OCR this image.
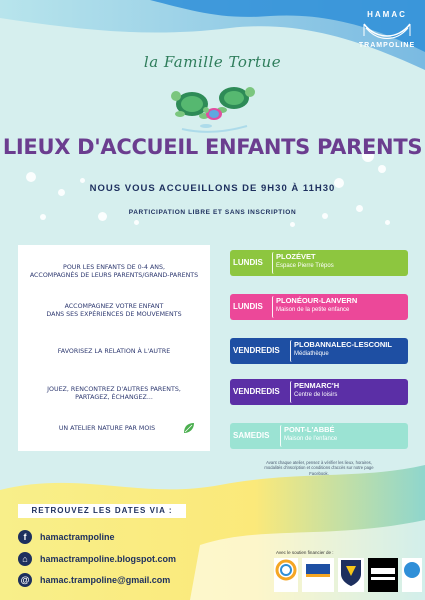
HAMAC
TRAMPOLINE
la Famille Tortue
LIEUX D'ACCUEIL ENFANTS PARENTS
NOUS VOUS ACCUEILLONS DE 9H30 À 11H30
PARTICIPATION LIBRE ET SANS INSCRIPTION
POUR LES ENFANTS DE 0-4 ANS,
ACCOMPAGNÉS DE LEURS PARENTS/GRAND-PARENTS
ACCOMPAGNEZ VOTRE ENFANT
DANS SES EXPÉRIENCES DE MOUVEMENTS
FAVORISEZ LA RELATION À L'AUTRE
JOUEZ, RENCONTREZ D'AUTRES PARENTS,
PARTAGEZ, ÉCHANGEZ...
UN ATELIER NATURE PAR MOIS
LUNDIS
PLOZÉVET
Espace Pierre Trépos
LUNDIS
PLONÉOUR-LANVERN
Maison de la petite enfance
VENDREDIS
PLOBANNALEC-LESCONIL
Médiathèque
VENDREDIS
PENMARC'H
Centre de loisirs
SAMEDIS
PONT-L'ABBÉ
Maison de l'enfance
Avant chaque atelier, pensez à vérifier les lieux, horaires,
modalités d'inscription et conditions d'accès sur notre page
Facebook.
RETROUVEZ LES DATES VIA :
f	hamactrampoline
⌂	hamactrampoline.blogspot.com
@ hamac.trampoline@gmail.com
Avec le soutien financier de :
